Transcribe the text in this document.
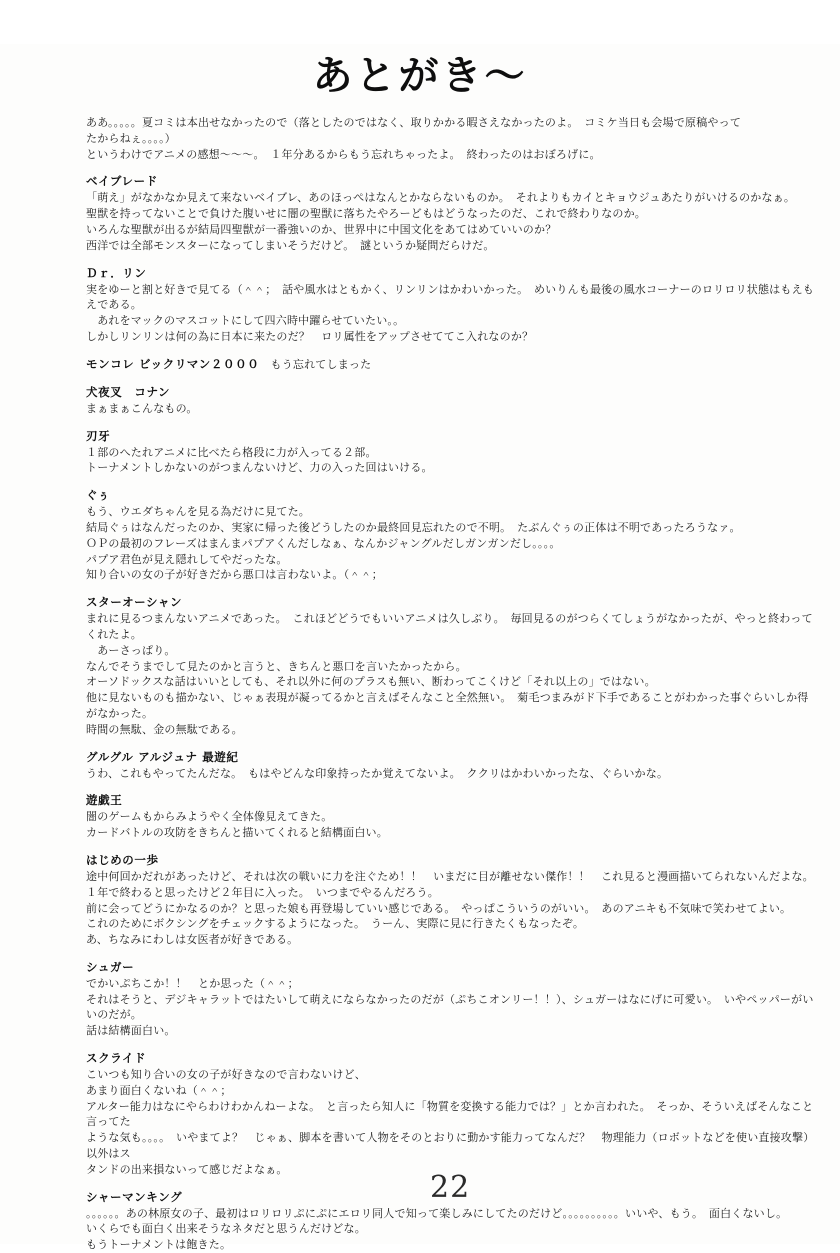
あとがき～

ああ。。。。。夏コミは本出せなかったので（落としたのではなく、取りかかる暇さえなかったのよ。　コミケ当日も会場で原稿やってたからねぇ。。。。）

というわけでアニメの感想～～～。　１年分あるからもう忘れちゃったよ。　終わったのはおぼろげに。

ベイブレード

「萌え」がなかなか見えて来ないベイブレ、あのほっぺはなんとかならないものか。　それよりもカイとキョウジュあたりがいけるのかなぁ。

聖獣を持ってないことで負けた腹いせに闇の聖獣に落ちたやろーどもはどうなったのだ、これで終わりなのか。

いろんな聖獣が出るが結局四聖獣が一番強いのか、世界中に中国文化をあてはめていいのか？

西洋では全部モンスターになってしまいそうだけど。　謎というか疑問だらけだ。

Ｄｒ．リン

実をゆーと割と好きで見てる（＾＾；　話や風水はともかく、リンリンはかわいかった。　めいりんも最後の風水コーナーのロリロリ状態はもえもえである。

　あれをマックのマスコットにして四六時中躍らせていたい。。

しかしリンリンは何の為に日本に来たのだ？　ロリ属性をアップさせててこ入れなのか？

モンコレ ビックリマン２０００　もう忘れてしまった
犬夜叉　コナン

まぁまぁこんなもの。

刃牙

１部のへたれアニメに比べたら格段に力が入ってる２部。

トーナメントしかないのがつまんないけど、力の入った回はいける。

ぐぅ

もう、ウエダちゃんを見る為だけに見てた。

結局ぐぅはなんだったのか、実家に帰った後どうしたのか最終回見忘れたので不明。　たぶんぐぅの正体は不明であったろうなァ。

ＯＰの最初のフレーズはまんまパプアくんだしなぁ、なんかジャングルだしガンガンだし。。。。

パプア君色が見え隠れしてやだったな。

知り合いの女の子が好きだから悪口は言わないよ。（＾＾；

スターオーシャン

まれに見るつまんないアニメであった。　これほどどうでもいいアニメは久しぶり。　毎回見るのがつらくてしょうがなかったが、やっと終わってくれたよ。

　あーさっぱり。

なんでそうまでして見たのかと言うと、きちんと悪口を言いたかったから。

オーソドックスな話はいいとしても、それ以外に何のプラスも無い、断わってこくけど「それ以上の」ではない。

他に見ないものも描かない、じゃぁ表現が凝ってるかと言えばそんなこと全然無い。　菊毛つまみがド下手であることがわかった事ぐらいしか得がなかった。

時間の無駄、金の無駄である。

グルグル アルジュナ 最遊紀

うわ、これもやってたんだな。　もはやどんな印象持ったか覚えてないよ。　ククリはかわいかったな、ぐらいかな。

遊戯王

闇のゲームもからみようやく全体像見えてきた。

カードバトルの攻防をきちんと描いてくれると結構面白い。

はじめの一歩

途中何回かだれがあったけど、それは次の戦いに力を注ぐため！！　いまだに目が離せない傑作！！　これ見ると漫画描いてられないんだよな。

１年で終わると思ったけど２年目に入った。　いつまでやるんだろう。

前に会ってどうにかなるのか？と思った娘も再登場していい感じである。　やっぱこういうのがいい。　あのアニキも不気味で笑わせてよい。

これのためにボクシングをチェックするようになった。　うーん、実際に見に行きたくもなったぞ。

あ、ちなみにわしは女医者が好きである。

シュガー

でかいぷちこか！！　とか思った（＾＾；

それはそうと、デジキャラットではたいして萌えにならなかったのだが（ぷちこオンリー！！）、シュガーはなにげに可愛い。　いやペッパーがいいのだが。

話は結構面白い。

スクライド

こいつも知り合いの女の子が好きなので言わないけど、

あまり面白くないね（＾＾；

アルター能力はなにやらわけわかんねーよな。　と言ったら知人に「物質を変換する能力では？」とか言われた。　そっか、そういえばそんなこと言ってた

ような気も。。。。　いやまてよ？　じゃぁ、脚本を書いて人物をそのとおりに動かす能力ってなんだ？　物理能力（ロボットなどを使い直接攻撃）以外はス

タンドの出来損ないって感じだよなぁ。

シャーマンキング

。。。。。。あの林原女の子、最初はロリロリぷにぷにエロリ同人で知って楽しみにしてたのだけど。。。。。。。。。。いいや、もう。　面白くないし。

いくらでも面白く出来そうなネタだと思うんだけどな。

もうトーナメントは飽きた。

22
